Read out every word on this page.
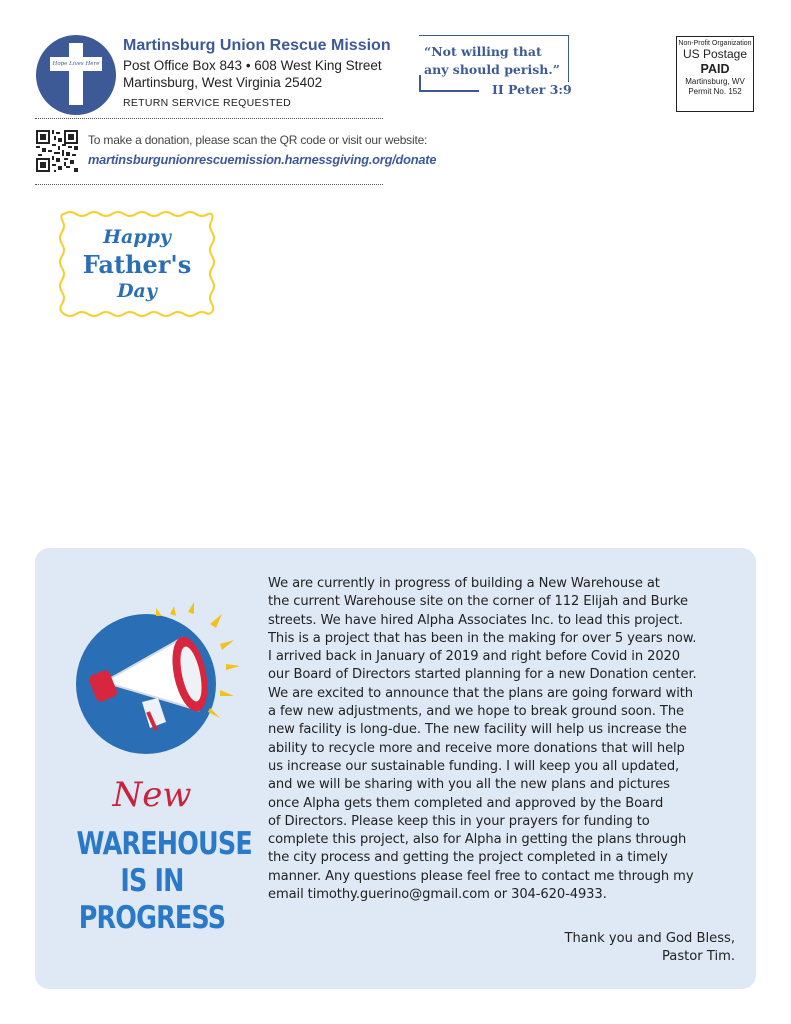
Hope Lives Here
Martinsburg Union Rescue Mission
Post Office Box 843 • 608 West King Street
Martinsburg, West Virginia 25402
RETURN SERVICE REQUESTED
To make a donation, please scan the QR code or visit our website:
martinsburgunionrescuemission.harnessgiving.org/donate
“Not willing that any should perish.”
II Peter 3:9
Non-Profit Organization
US Postage
PAID
Martinsburg, WV
Permit No. 152
Happy
Father's
Day
New
WAREHOUSE
IS IN
PROGRESS
We are currently in progress of building a New Warehouse at
the current Warehouse site on the corner of 112 Elijah and Burke
streets. We have hired Alpha Associates Inc. to lead this project.
This is a project that has been in the making for over 5 years now.
I arrived back in January of 2019 and right before Covid in 2020
our Board of Directors started planning for a new Donation center.
We are excited to announce that the plans are going forward with
a few new adjustments, and we hope to break ground soon. The
new facility is long-due. The new facility will help us increase the
ability to recycle more and receive more donations that will help
us increase our sustainable funding. I will keep you all updated,
and we will be sharing with you all the new plans and pictures
once Alpha gets them completed and approved by the Board
of Directors. Please keep this in your prayers for funding to
complete this project, also for Alpha in getting the plans through
the city process and getting the project completed in a timely
manner. Any questions please feel free to contact me through my
email timothy.guerino@gmail.com or 304-620-4933.
Thank you and God Bless,
Pastor Tim.
